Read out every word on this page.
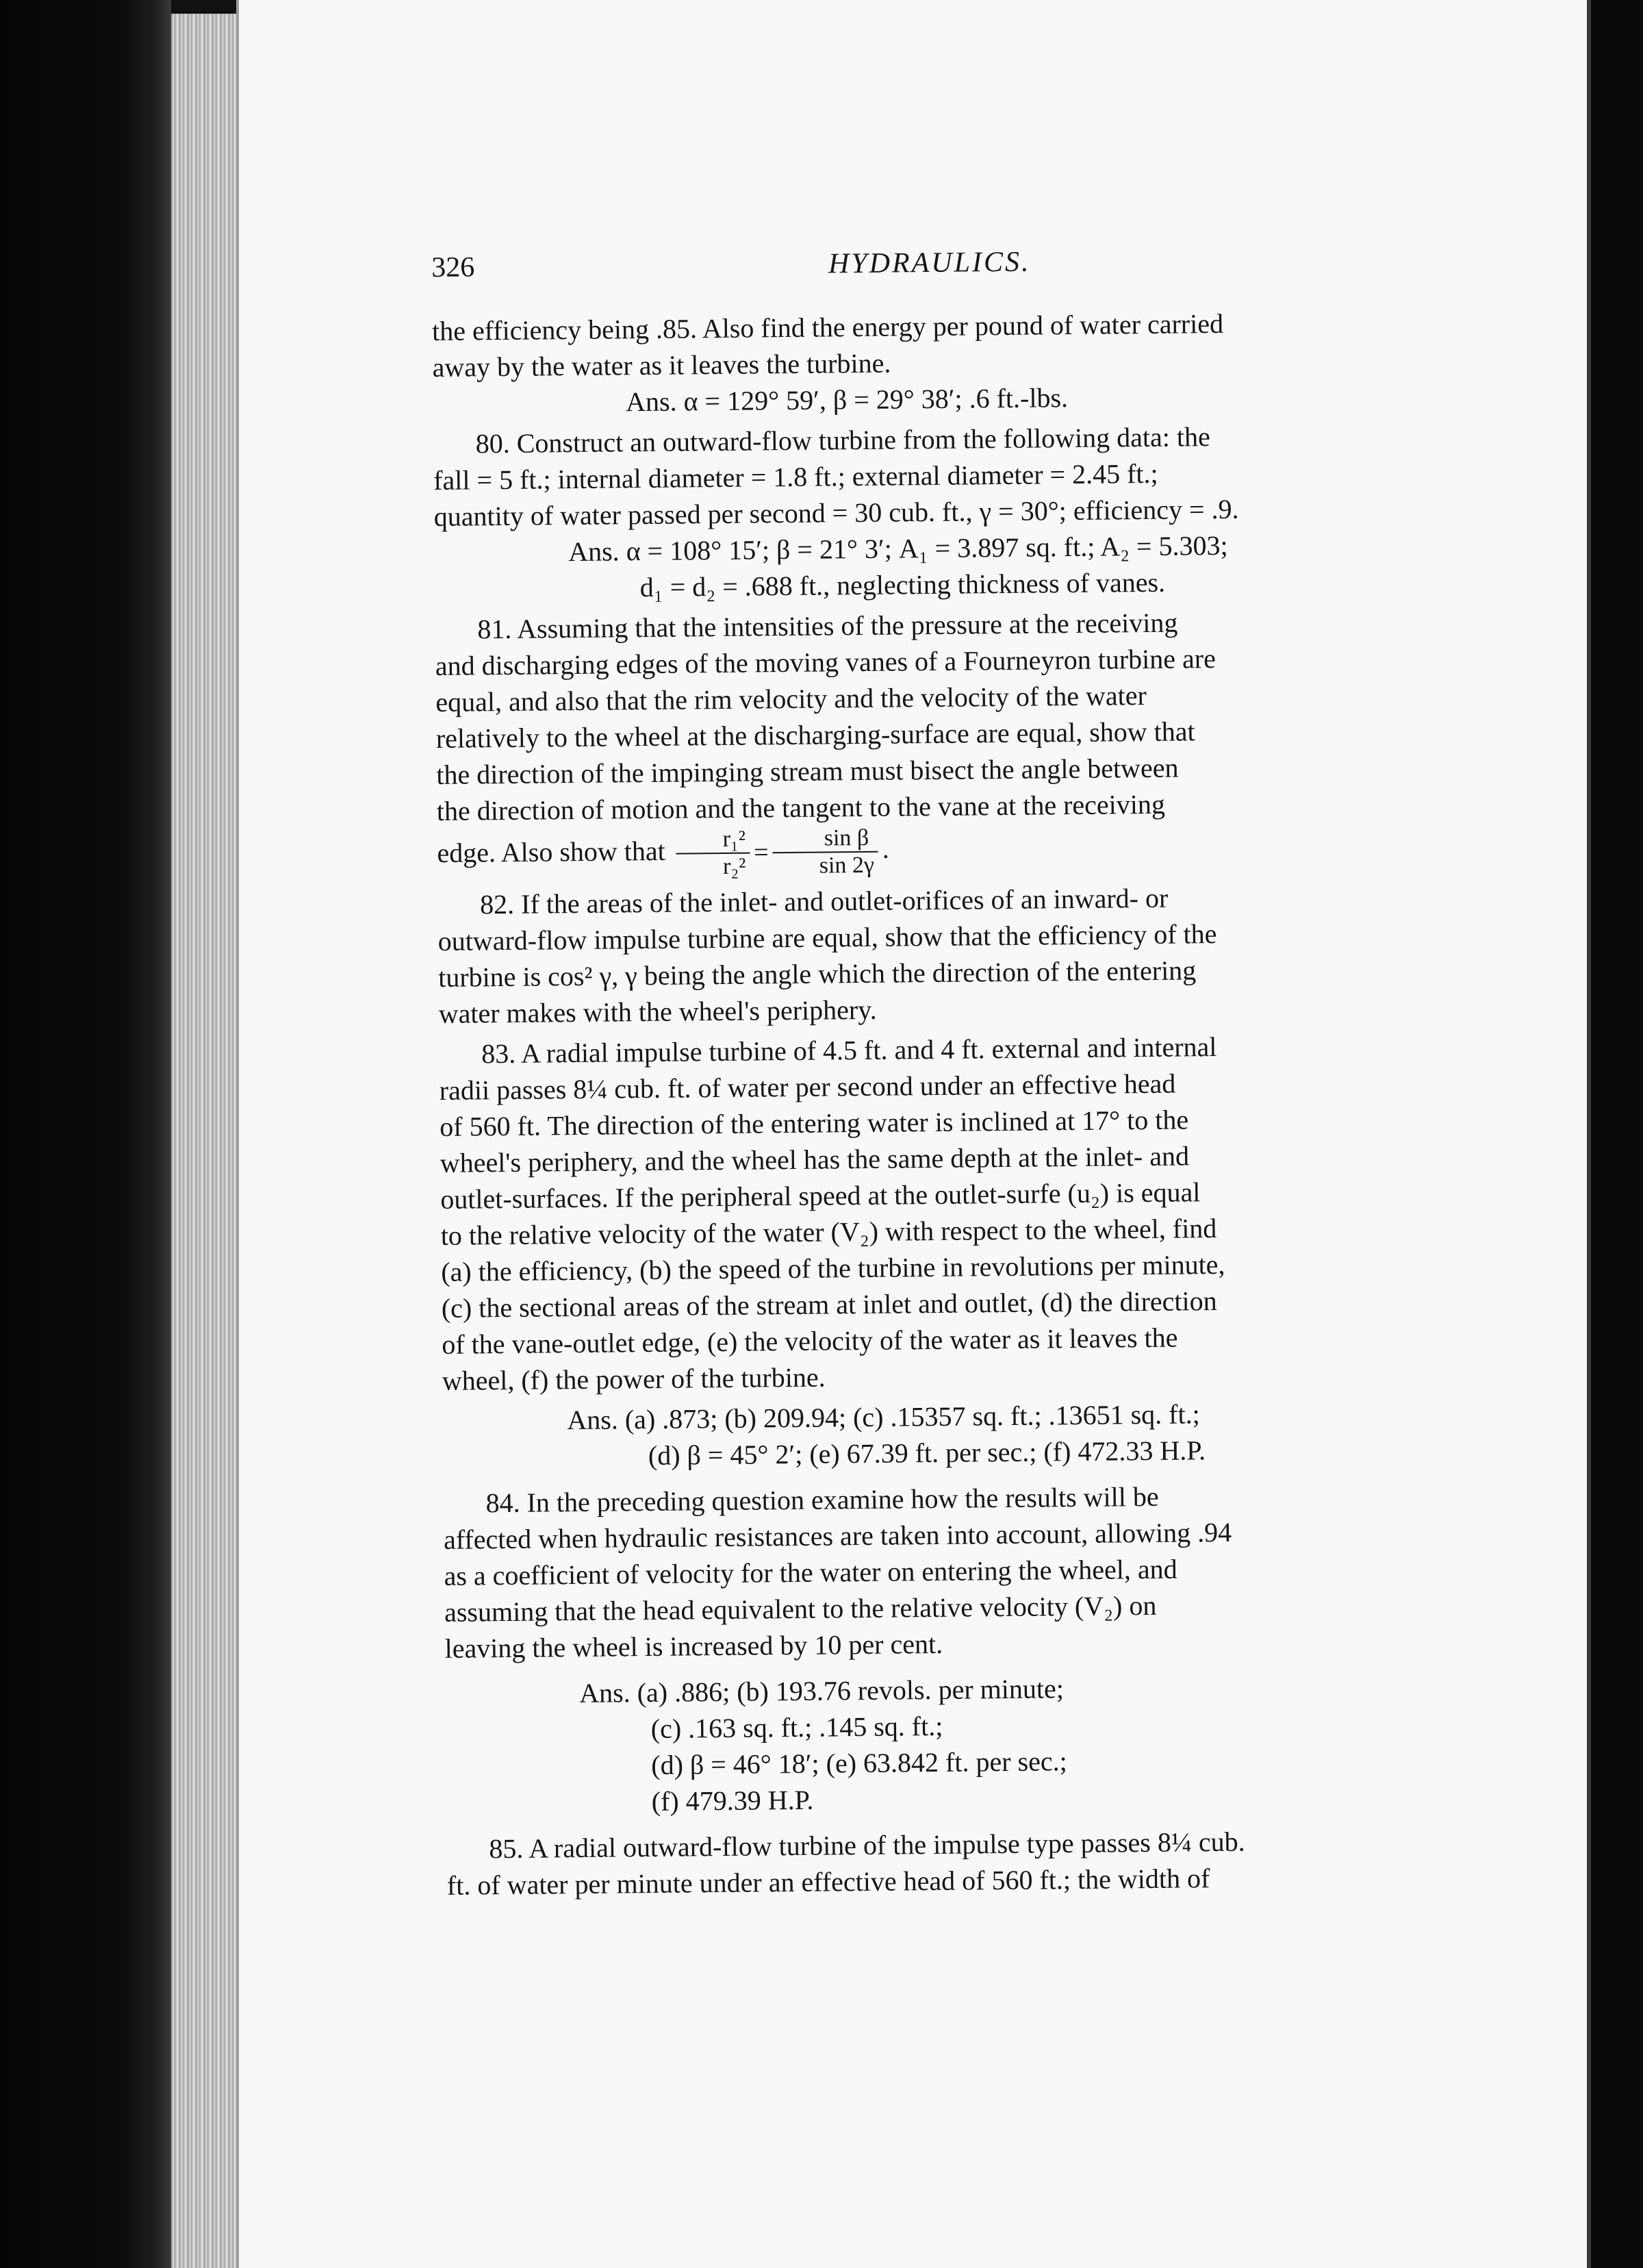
326	HYDRAULICS.

the efficiency being .85. Also find the energy per pound of water carried
away by the water as it leaves the turbine.

Ans. α = 129° 59′, β = 29° 38′; .6 ft.-lbs.

80. Construct an outward-flow turbine from the following data: the
fall = 5 ft.; internal diameter = 1.8 ft.; external diameter = 2.45 ft.;
quantity of water passed per second = 30 cub. ft., γ = 30°; efficiency = .9.

Ans. α = 108° 15′; β = 21° 3′; A₁ = 3.897 sq. ft.; A₂ = 5.303;

d₁ = d₂ = .688 ft., neglecting thickness of vanes.

81. Assuming that the intensities of the pressure at the receiving
and discharging edges of the moving vanes of a Fourneyron turbine are
equal, and also that the rim velocity and the velocity of the water
relatively to the wheel at the discharging-surface are equal, show that
the direction of the impinging stream must bisect the angle between
the direction of motion and the tangent to the vane at the receiving
edge. Also show that $\frac{\text{r₁²}}{\text{r₂²}} = \frac{\text{sin β}}{\sin 2\gamma}$ .

82. If the areas of the inlet- and outlet-orifices of an inward- or
outward-flow impulse turbine are equal, show that the efficiency of the
turbine is cos² γ, γ being the angle which the direction of the entering
water makes with the wheel's periphery.

83. A radial impulse turbine of 4.5 ft. and 4 ft. external and internal
radii passes 8¼ cub. ft. of water per second under an effective head
of 560 ft. The direction of the entering water is inclined at 17° to the
wheel's periphery, and the wheel has the same depth at the inlet- and
outlet-surfaces. If the peripheral speed at the outlet-surfe (u₂) is equal
to the relative velocity of the water (V₂) with respect to the wheel, find
(a) the efficiency, (b) the speed of the turbine in revolutions per minute,
(c) the sectional areas of the stream at inlet and outlet, (d) the direction
of the vane-outlet edge, (e) the velocity of the water as it leaves the
wheel, (f) the power of the turbine.

Ans. (a) .873; (b) 209.94; (c) .15357 sq. ft.; .13651 sq. ft.;

(d) β = 45° 2′; (e) 67.39 ft. per sec.; (f) 472.33 H.P.

84. In the preceding question examine how the results will be
affected when hydraulic resistances are taken into account, allowing .94
as a coefficient of velocity for the water on entering the wheel, and
assuming that the head equivalent to the relative velocity (V₂) on
leaving the wheel is increased by 10 per cent.

Ans. (a) .886; (b) 193.76 revols. per minute;

(c) .163 sq. ft.; .145 sq. ft.;

(d) β = 46° 18′; (e) 63.842 ft. per sec.;

(f) 479.39 H.P.

85. A radial outward-flow turbine of the impulse type passes 8¼ cub.
ft. of water per minute under an effective head of 560 ft.; the width of
